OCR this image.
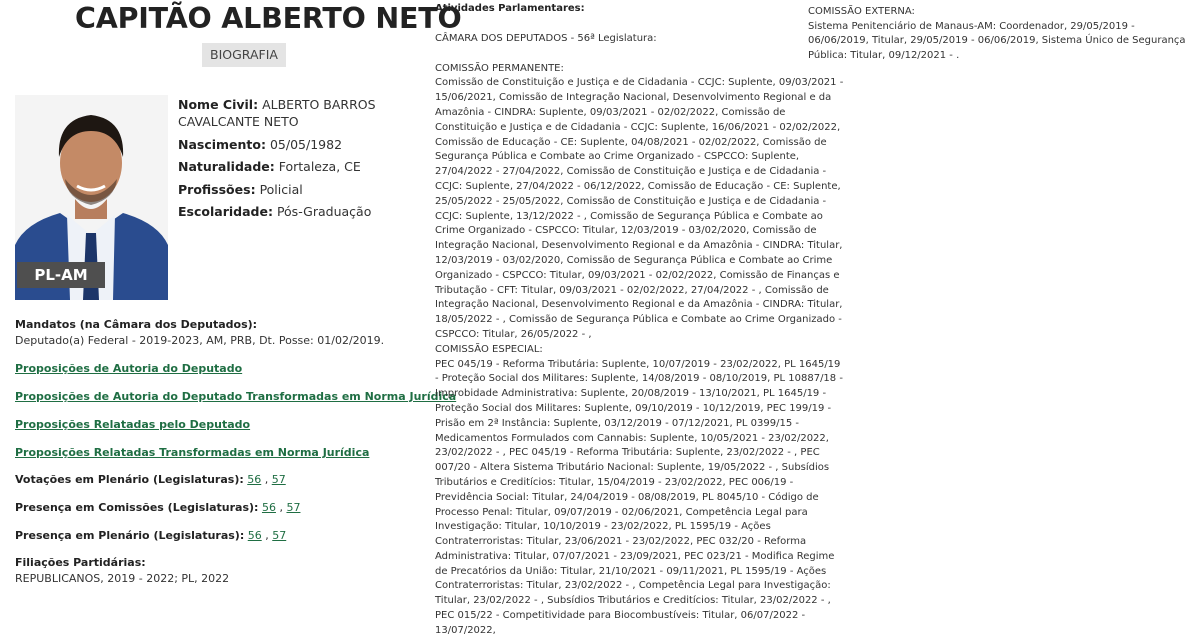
CAPITÃO ALBERTO NETO
BIOGRAFIA
PL-AM
Nome Civil: ALBERTO BARROS CAVALCANTE NETO
Nascimento: 05/05/1982
Naturalidade: Fortaleza, CE
Profissões: Policial
Escolaridade: Pós-Graduação
Mandatos (na Câmara dos Deputados):
Deputado(a) Federal - 2019-2023, AM, PRB, Dt. Posse: 01/02/2019.
Proposições de Autoria do Deputado
Proposições de Autoria do Deputado Transformadas em Norma Jurídica
Proposições Relatadas pelo Deputado
Proposições Relatadas Transformadas em Norma Jurídica
Votações em Plenário (Legislaturas): 56 , 57
Presença em Comissões (Legislaturas): 56 , 57
Presença em Plenário (Legislaturas): 56 , 57
Filiações Partidárias:
REPUBLICANOS, 2019 - 2022; PL, 2022
Atividades Parlamentares:
CÂMARA DOS DEPUTADOS - 56ª Legislatura:
COMISSÃO PERMANENTE:
Comissão de Constituição e Justiça e de Cidadania - CCJC: Suplente, 09/03/2021 - 15/06/2021, Comissão de Integração Nacional, Desenvolvimento Regional e da Amazônia - CINDRA: Suplente, 09/03/2021 - 02/02/2022, Comissão de Constituição e Justiça e de Cidadania - CCJC: Suplente, 16/06/2021 - 02/02/2022, Comissão de Educação - CE: Suplente, 04/08/2021 - 02/02/2022, Comissão de Segurança Pública e Combate ao Crime Organizado - CSPCCO: Suplente, 27/04/2022 - 27/04/2022, Comissão de Constituição e Justiça e de Cidadania - CCJC: Suplente, 27/04/2022 - 06/12/2022, Comissão de Educação - CE: Suplente, 25/05/2022 - 25/05/2022, Comissão de Constituição e Justiça e de Cidadania - CCJC: Suplente, 13/12/2022 - , Comissão de Segurança Pública e Combate ao Crime Organizado - CSPCCO: Titular, 12/03/2019 - 03/02/2020, Comissão de Integração Nacional, Desenvolvimento Regional e da Amazônia - CINDRA: Titular, 12/03/2019 - 03/02/2020, Comissão de Segurança Pública e Combate ao Crime Organizado - CSPCCO: Titular, 09/03/2021 - 02/02/2022, Comissão de Finanças e Tributação - CFT: Titular, 09/03/2021 - 02/02/2022, 27/04/2022 - , Comissão de Integração Nacional, Desenvolvimento Regional e da Amazônia - CINDRA: Titular, 18/05/2022 - , Comissão de Segurança Pública e Combate ao Crime Organizado - CSPCCO: Titular, 26/05/2022 - ,
COMISSÃO ESPECIAL:
PEC 045/19 - Reforma Tributária: Suplente, 10/07/2019 - 23/02/2022, PL 1645/19 - Proteção Social dos Militares: Suplente, 14/08/2019 - 08/10/2019, PL 10887/18 - Improbidade Administrativa: Suplente, 20/08/2019 - 13/10/2021, PL 1645/19 - Proteção Social dos Militares: Suplente, 09/10/2019 - 10/12/2019, PEC 199/19 - Prisão em 2ª Instância: Suplente, 03/12/2019 - 07/12/2021, PL 0399/15 - Medicamentos Formulados com Cannabis: Suplente, 10/05/2021 - 23/02/2022, 23/02/2022 - , PEC 045/19 - Reforma Tributária: Suplente, 23/02/2022 - , PEC 007/20 - Altera Sistema Tributário Nacional: Suplente, 19/05/2022 - , Subsídios Tributários e Creditícios: Titular, 15/04/2019 - 23/02/2022, PEC 006/19 - Previdência Social: Titular, 24/04/2019 - 08/08/2019, PL 8045/10 - Código de Processo Penal: Titular, 09/07/2019 - 02/06/2021, Competência Legal para Investigação: Titular, 10/10/2019 - 23/02/2022, PL 1595/19 - Ações Contraterroristas: Titular, 23/06/2021 - 23/02/2022, PEC 032/20 - Reforma Administrativa: Titular, 07/07/2021 - 23/09/2021, PEC 023/21 - Modifica Regime de Precatórios da União: Titular, 21/10/2021 - 09/11/2021, PL 1595/19 - Ações Contraterroristas: Titular, 23/02/2022 - , Competência Legal para Investigação: Titular, 23/02/2022 - , Subsídios Tributários e Creditícios: Titular, 23/02/2022 - , PEC 015/22 - Competitividade para Biocombustíveis: Titular, 06/07/2022 - 13/07/2022,
COMISSÃO EXTERNA:
Sistema Penitenciário de Manaus-AM: Coordenador, 29/05/2019 - 06/06/2019, Titular, 29/05/2019 - 06/06/2019, Sistema Único de Segurança Pública: Titular, 09/12/2021 - .
